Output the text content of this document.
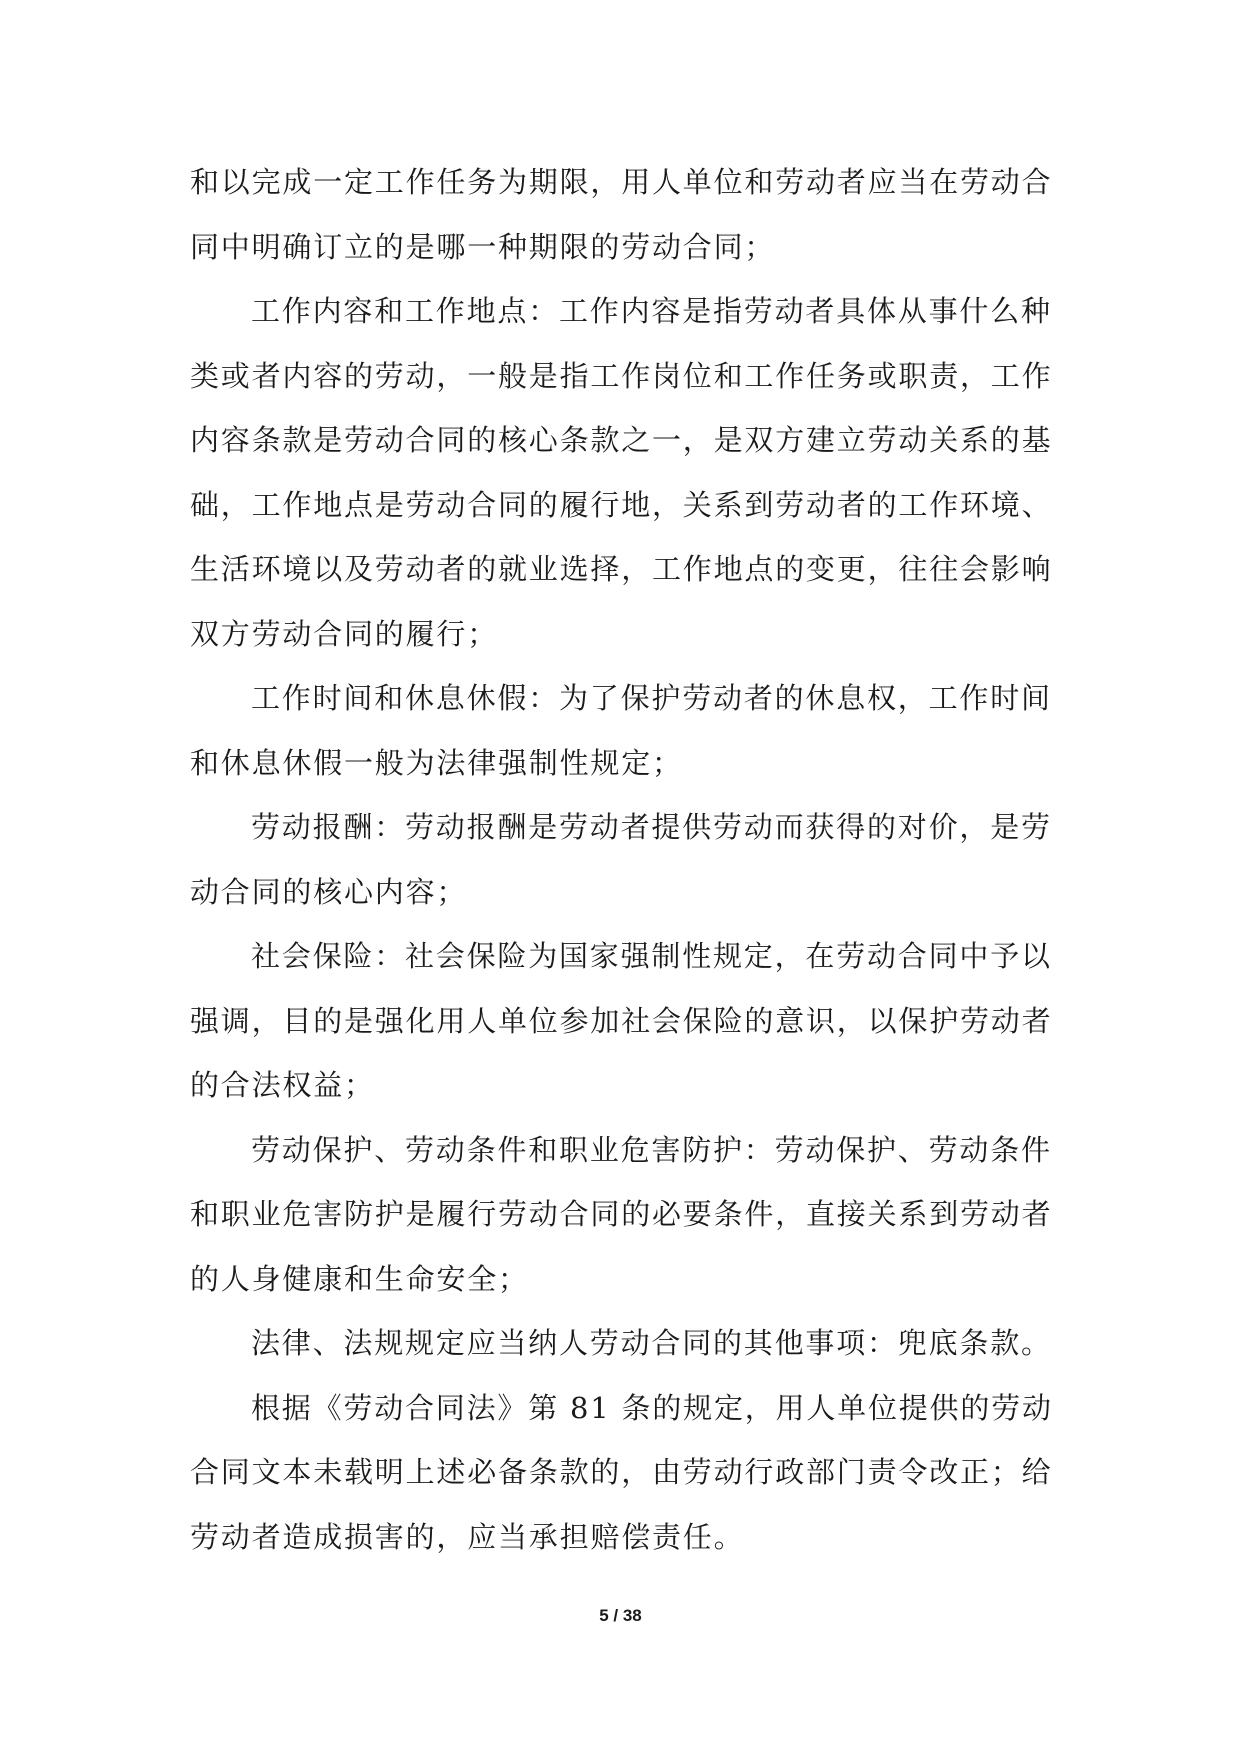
和以完成一定工作任务为期限，用人单位和劳动者应当在劳动合
同中明确订立的是哪一种期限的劳动合同；
工作内容和工作地点：工作内容是指劳动者具体从事什么种
类或者内容的劳动，一般是指工作岗位和工作任务或职责，工作
内容条款是劳动合同的核心条款之一，是双方建立劳动关系的基
础，工作地点是劳动合同的履行地，关系到劳动者的工作环境、
生活环境以及劳动者的就业选择，工作地点的变更，往往会影响
双方劳动合同的履行；
工作时间和休息休假：为了保护劳动者的休息权，工作时间
和休息休假一般为法律强制性规定；
劳动报酬：劳动报酬是劳动者提供劳动而获得的对价，是劳
动合同的核心内容；
社会保险：社会保险为国家强制性规定，在劳动合同中予以
强调，目的是强化用人单位参加社会保险的意识，以保护劳动者
的合法权益；
劳动保护、劳动条件和职业危害防护：劳动保护、劳动条件
和职业危害防护是履行劳动合同的必要条件，直接关系到劳动者
的人身健康和生命安全；
法律、法规规定应当纳人劳动合同的其他事项：兜底条款。
根据《劳动合同法》第 81 条的规定，用人单位提供的劳动
合同文本未载明上述必备条款的，由劳动行政部门责令改正；给
劳动者造成损害的，应当承担赔偿责任。
5 / 38
